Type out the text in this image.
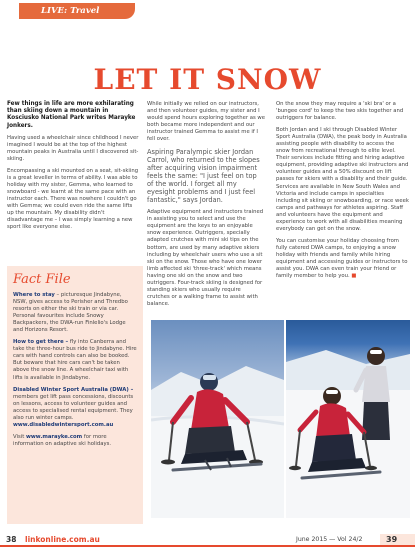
LIVE: Travel
LET IT SNOW

Few things in life are more exhilarating than skiing down a mountain in Kosciusko National Park writes Marayke Jonkers.

Having used a wheelchair since childhood I never imagined I would be at the top of the highest mountain peaks in Australia until I discovered sit-skiing.

Encompassing a ski mounted on a seat, sit-skiing is a great leveller in terms of ability. I was able to holiday with my sister, Gemma, who learned to snowboard - we learnt at the same pace with an instructor each. There was nowhere I couldn't go with Gemma; we could even ride the same lifts up the mountain. My disability didn't disadvantage me – I was simply learning a new sport like everyone else.

Fact File

Where to stay – picturesque Jindabyne, NSW, gives access to Perisher and Thredbo resorts on either the ski train or via car. Personal favourites include Snowy Backpackers, the DWA-run Finlelio's Lodge and Horizons Resort.

How to get there – fly into Canberra and take the three-hour bus ride to Jindabyne. Hire cars with hand controls can also be booked. But beware that hire cars can't be taken above the snow line. A wheelchair taxi with lifts is available in Jindabyne.

Disabled Winter Sport Australia (DWA) – members get lift pass concessions, discounts on lessons, access to volunteer guides and access to specialised rental equipment. They also run winter camps. www.disabledwintersport.com.au

Visit www.marayke.com for more information on adaptive ski holidays.

While initially we relied on our instructors, and then volunteer guides, my sister and I would spend hours exploring together as we both became more independent and our instructor trained Gemma to assist me if I fell over.

Aspiring Paralympic skier Jordan Carrol, who returned to the slopes after acquiring vision impairment feels the same: "I just feel on top of the world. I forget all my eyesight problems and I just feel fantastic," says Jordan.

Adaptive equipment and instructors trained in assisting you to select and use the equipment are the keys to an enjoyable snow experience. Outriggers, specially adapted crutches with mini ski tips on the bottom, are used by many adaptive skiers including by wheelchair users who use a sit ski on the snow. Those who have one lower limb affected ski 'three-track' which means having one ski on the snow and two outriggers. Four-track skiing is designed for standing skiers who usually require crutches or a walking frame to assist with balance.

On the snow they may require a 'ski bra' or a 'bungee cord' to keep the two skis together and outriggers for balance.

Both Jordan and I ski through Disabled Winter Sport Australia (DWA), the peak body in Australia assisting people with disability to access the snow from recreational through to elite level. Their services include fitting and hiring adaptive equipment, providing adaptive ski instructors and volunteer guides and a 50% discount on lift passes for skiers with a disability and their guide. Services are available in New South Wales and Victoria and include camps in specialties including sit skiing or snowboarding, or race week camps and pathways for athletes aspiring. Staff and volunteers have the equipment and experience to work with all disabilities meaning everybody can get on the snow.

You can customise your holiday choosing from fully catered DWA camps, to enjoying a snow holiday with friends and family while hiring equipment and accessing guides or instructors to assist you. DWA can even train your friend or family member to help you. ■

38 linkonline.com.au	June 2015 — Vol 24/2	39
